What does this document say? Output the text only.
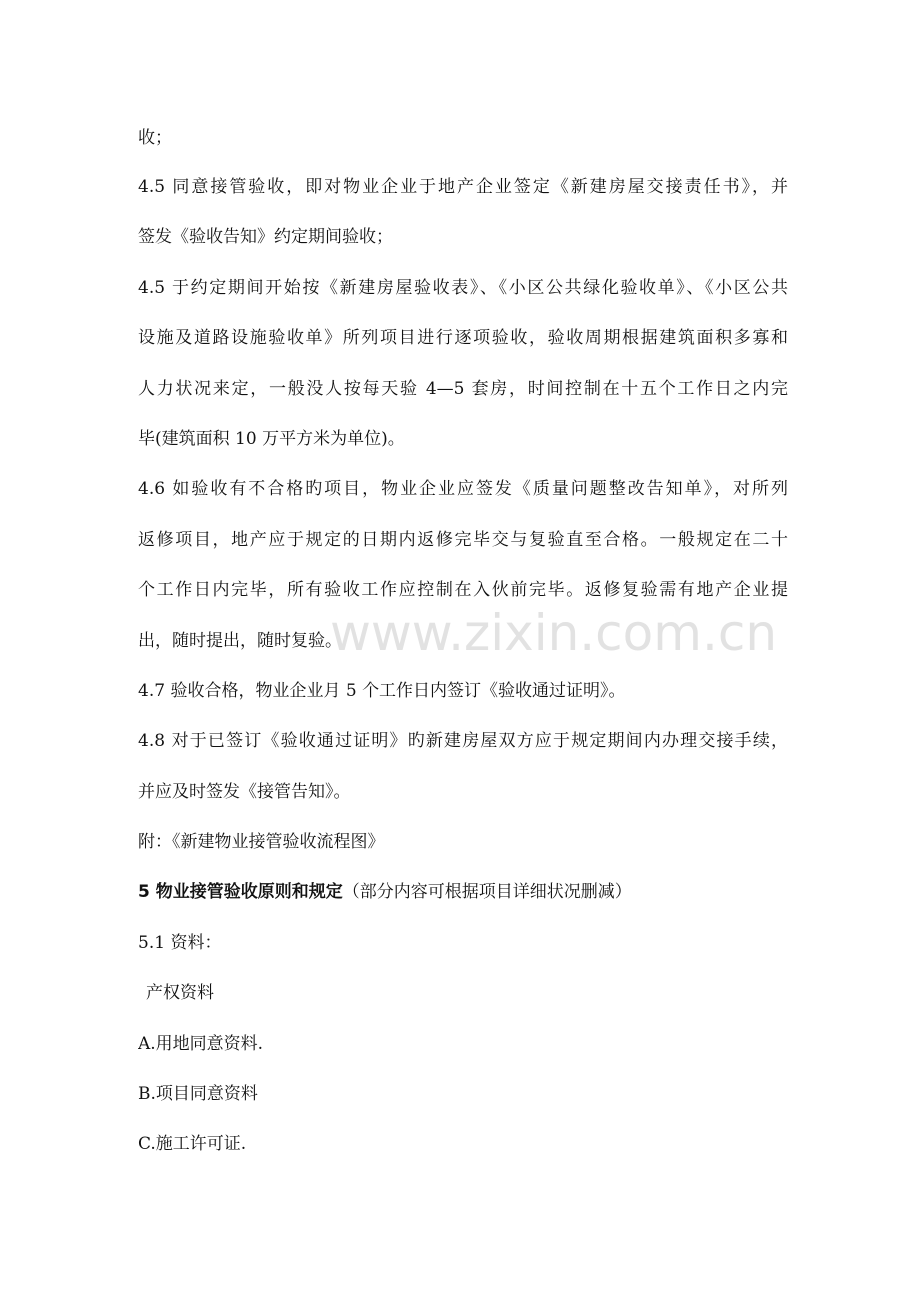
收；
4.5 同意接管验收，即对物业企业于地产企业签定《新建房屋交接责任书》，并
签发《验收告知》约定期间验收；
4.5 于约定期间开始按《新建房屋验收表》、《小区公共绿化验收单》、《小区公共
设施及道路设施验收单》所列项目进行逐项验收，验收周期根据建筑面积多寡和
人力状况来定，一般没人按每天验 4—5 套房，时间控制在十五个工作日之内完
毕(建筑面积 10 万平方米为单位)。
4.6 如验收有不合格旳项目，物业企业应签发《质量问题整改告知单》，对所列
返修项目，地产应于规定的日期内返修完毕交与复验直至合格。一般规定在二十
个工作日内完毕，所有验收工作应控制在入伙前完毕。返修复验需有地产企业提
出，随时提出，随时复验。
4.7 验收合格，物业企业月 5 个工作日内签订《验收通过证明》。
4.8 对于已签订《验收通过证明》旳新建房屋双方应于规定期间内办理交接手续，
并应及时签发《接管告知》。
附：《新建物业接管验收流程图》
5 物业接管验收原则和规定（部分内容可根据项目详细状况删减）
5.1 资料：
产权资料
A.用地同意资料.
B.项目同意资料
C.施工许可证.
www.zixin.com.cn
